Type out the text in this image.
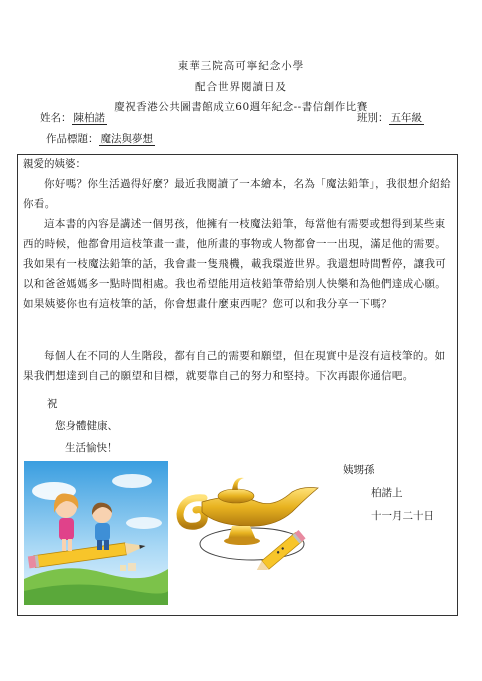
東華三院高可寧紀念小學
配合世界閱讀日及
慶祝香港公共圖書館成立60週年紀念--書信創作比賽
姓名： 陳柏諾	班別： 五年級
作品標題： 魔法與夢想
親愛的姨婆：

你好嗎？你生活過得好麼？最近我閱讀了一本繪本，名為「魔法鉛筆」，我很想介紹給你看。

這本書的內容是講述一個男孩，他擁有一枝魔法鉛筆，每當他有需要或想得到某些東西的時候，他都會用這枝筆畫一畫，他所畫的事物或人物都會一一出現，滿足他的需要。我如果有一枝魔法鉛筆的話，我會畫一隻飛機，載我環遊世界。我還想時間暫停，讓我可以和爸爸媽媽多一點時間相處。我也希望能用這枝鉛筆帶給別人快樂和為他們達成心願。如果姨婆你也有這枝筆的話，你會想畫什麼東西呢？您可以和我分享一下嗎？

每個人在不同的人生階段，都有自己的需要和願望，但在現實中是沒有這枝筆的。如果我們想達到自己的願望和目標，就要靠自己的努力和堅持。下次再跟你通信吧。

祝
您身體健康、
生活愉快！
姨甥孫
柏諾上
十一月二十日
